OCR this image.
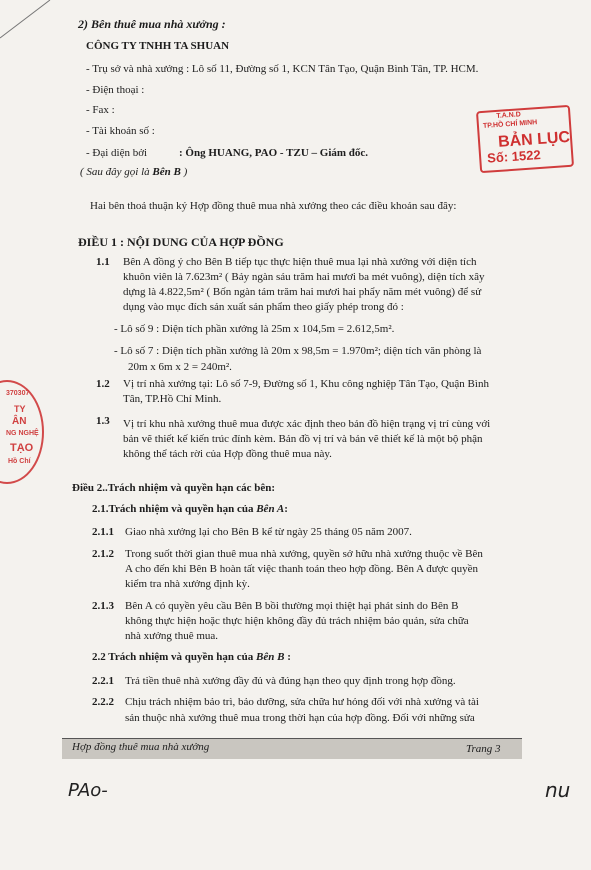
2) Bên thuê mua nhà xưởng :
CÔNG TY TNHH TA SHUAN
- Trụ sở và nhà xưởng : Lô số 11, Đường số 1, KCN Tân Tạo, Quận Bình Tân, TP. HCM.
- Điện thoại :
- Fax :
- Tài khoản số :
- Đại diện bởi	: Ông HUANG, PAO - TZU – Giám đốc.
( Sau đây gọi là Bên B )
Hai bên thoả thuận ký Hợp đồng thuê mua nhà xưởng theo các điều khoản sau đây:
ĐIỀU 1 : NỘI DUNG CỦA HỢP ĐỒNG
1.1 Bên A đồng ý cho Bên B tiếp tục thực hiện thuê mua lại nhà xưởng với diện tích
khuôn viên là 7.623m² ( Bảy ngàn sáu trăm hai mươi ba mét vuông), diện tích xây
dựng là 4.822,5m² ( Bốn ngàn tám trăm hai mươi hai phẩy năm mét vuông) để sử
dụng vào mục đích sản xuất sản phẩm theo giấy phép trong đó :
- Lô số 9 : Diện tích phần xưởng là 25m x 104,5m = 2.612,5m².
- Lô số 7 : Diện tích phần xưởng là 20m x 98,5m = 1.970m²; diện tích văn phòng là
20m x 6m x 2 = 240m².
1.2 Vị trí nhà xưởng tại: Lô số 7-9, Đường số 1, Khu công nghiệp Tân Tạo, Quận Bình
Tân, TP.Hồ Chí Minh.
1.3 Vị trí khu nhà xưởng thuê mua được xác định theo bản đồ hiện trạng vị trí cùng với
bản vẽ thiết kế kiến trúc đính kèm. Bản đồ vị trí và bản vẽ thiết kế là một bộ phận
không thể tách rời của Hợp đồng thuê mua này.
Điều 2..Trách nhiệm và quyền hạn các bên:
2.1.Trách nhiệm và quyền hạn của Bên A:
2.1.1 Giao nhà xưởng lại cho Bên B kể từ ngày 25 tháng 05 năm 2007.
2.1.2 Trong suốt thời gian thuê mua nhà xưởng, quyền sở hữu nhà xưởng thuộc về Bên
A cho đến khi Bên B hoàn tất việc thanh toán theo hợp đồng. Bên A được quyền
kiểm tra nhà xưởng định kỳ.
2.1.3 Bên A có quyền yêu cầu Bên B bồi thường mọi thiệt hại phát sinh do Bên B
không thực hiện hoặc thực hiện không đầy đủ trách nhiệm bảo quản, sửa chữa
nhà xưởng thuê mua.
2.2 Trách nhiệm và quyền hạn của Bên B :
2.2.1 Trả tiền thuê nhà xưởng đầy đủ và đúng hạn theo quy định trong hợp đồng.
2.2.2 Chịu trách nhiệm bảo trì, bảo dưỡng, sửa chữa hư hỏng đối với nhà xưởng và tài
sản thuộc nhà xưởng thuê mua trong thời hạn của hợp đồng. Đối với những sửa
Hợp đồng thuê mua nhà xưởng	Trang 3
T.A.N.D
TP.HỒ CHÍ MINH
BẢN LỤC
Số: 1522
370307
TY
ÂN
NG NGHỆ
TẠO
Hồ Chí
PAo-	nu
